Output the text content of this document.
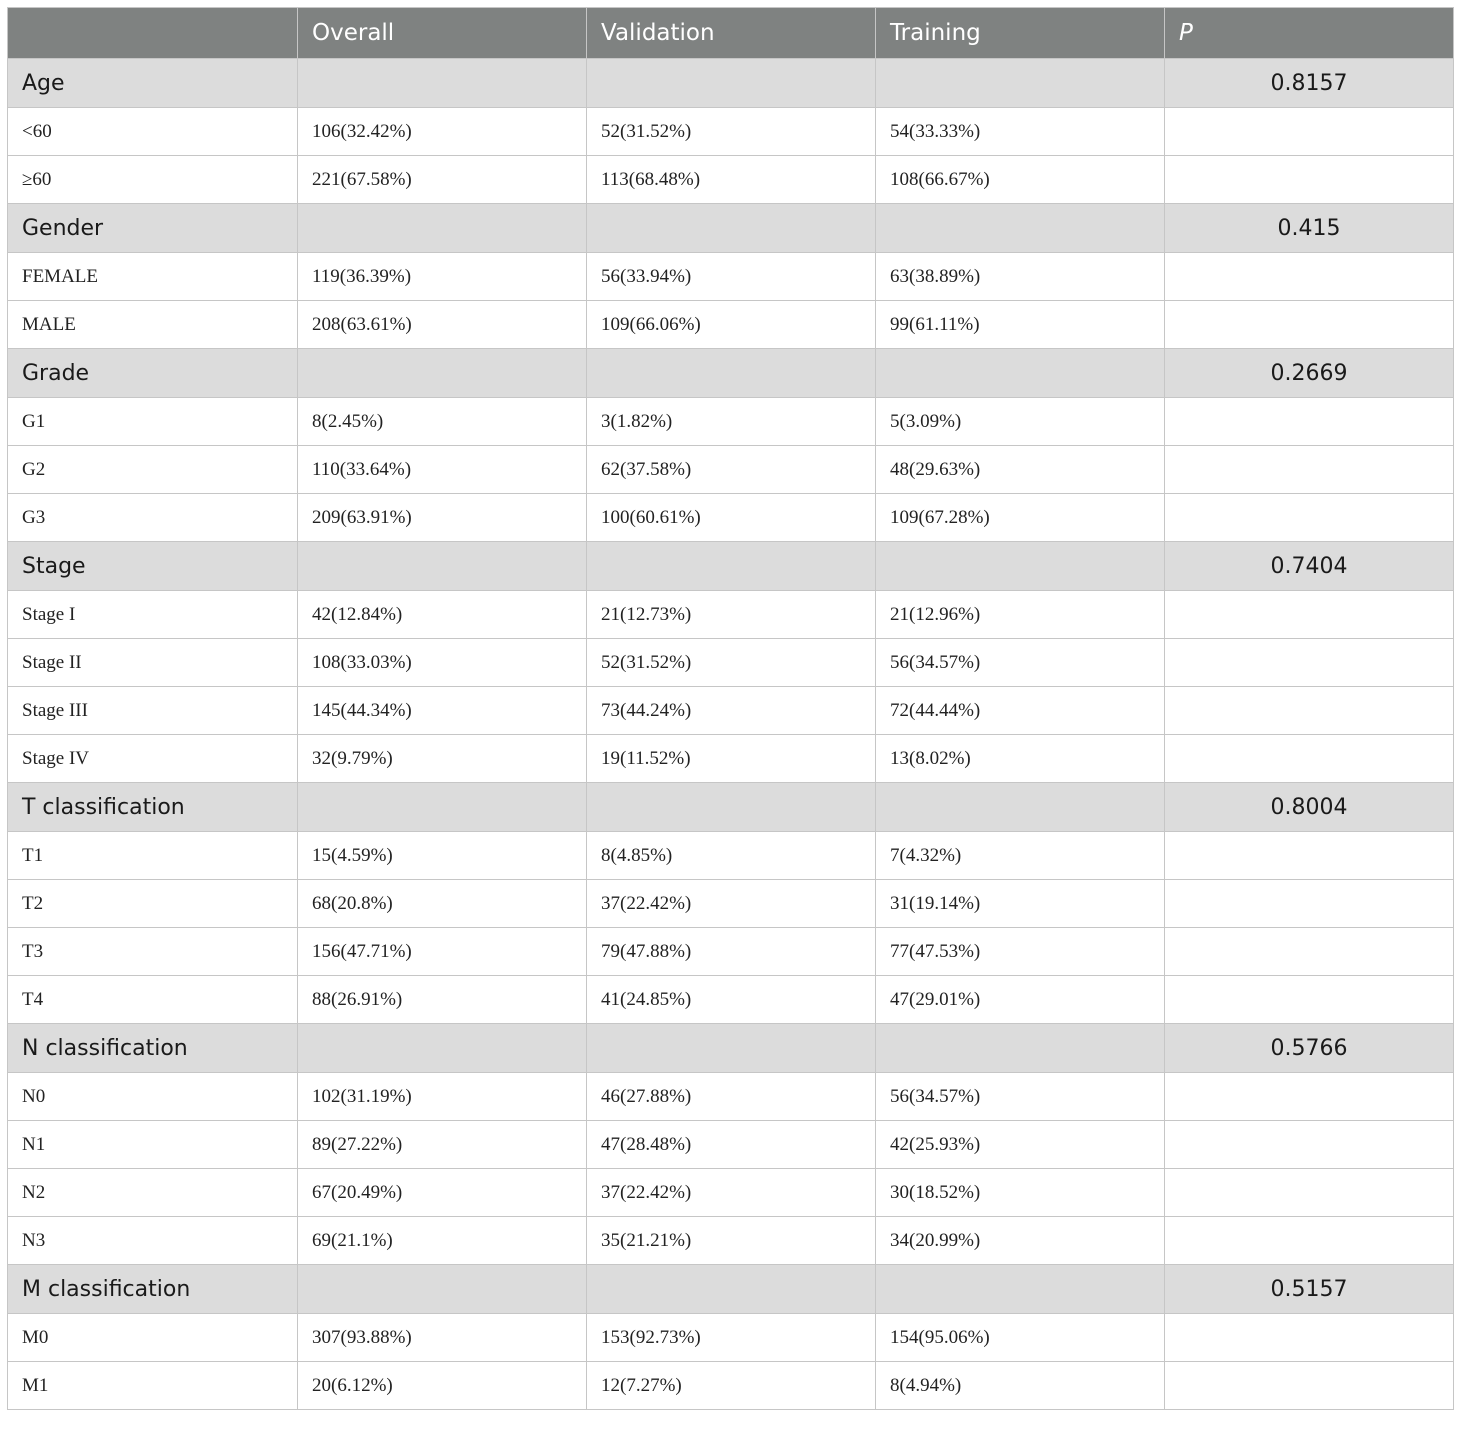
	Overall	Validation	Training	P
Age				0.8157
<60	106(32.42%)	52(31.52%)	54(33.33%)	
≥60	221(67.58%)	113(68.48%)	108(66.67%)	
Gender				0.415
FEMALE	119(36.39%)	56(33.94%)	63(38.89%)	
MALE	208(63.61%)	109(66.06%)	99(61.11%)	
Grade				0.2669
G1	8(2.45%)	3(1.82%)	5(3.09%)	
G2	110(33.64%)	62(37.58%)	48(29.63%)	
G3	209(63.91%)	100(60.61%)	109(67.28%)	
Stage				0.7404
Stage I	42(12.84%)	21(12.73%)	21(12.96%)	
Stage II	108(33.03%)	52(31.52%)	56(34.57%)	
Stage III	145(44.34%)	73(44.24%)	72(44.44%)	
Stage IV	32(9.79%)	19(11.52%)	13(8.02%)	
T classification				0.8004
T1	15(4.59%)	8(4.85%)	7(4.32%)	
T2	68(20.8%)	37(22.42%)	31(19.14%)	
T3	156(47.71%)	79(47.88%)	77(47.53%)	
T4	88(26.91%)	41(24.85%)	47(29.01%)	
N classification				0.5766
N0	102(31.19%)	46(27.88%)	56(34.57%)	
N1	89(27.22%)	47(28.48%)	42(25.93%)	
N2	67(20.49%)	37(22.42%)	30(18.52%)	
N3	69(21.1%)	35(21.21%)	34(20.99%)	
M classification				0.5157
M0	307(93.88%)	153(92.73%)	154(95.06%)	
M1	20(6.12%)	12(7.27%)	8(4.94%)	
